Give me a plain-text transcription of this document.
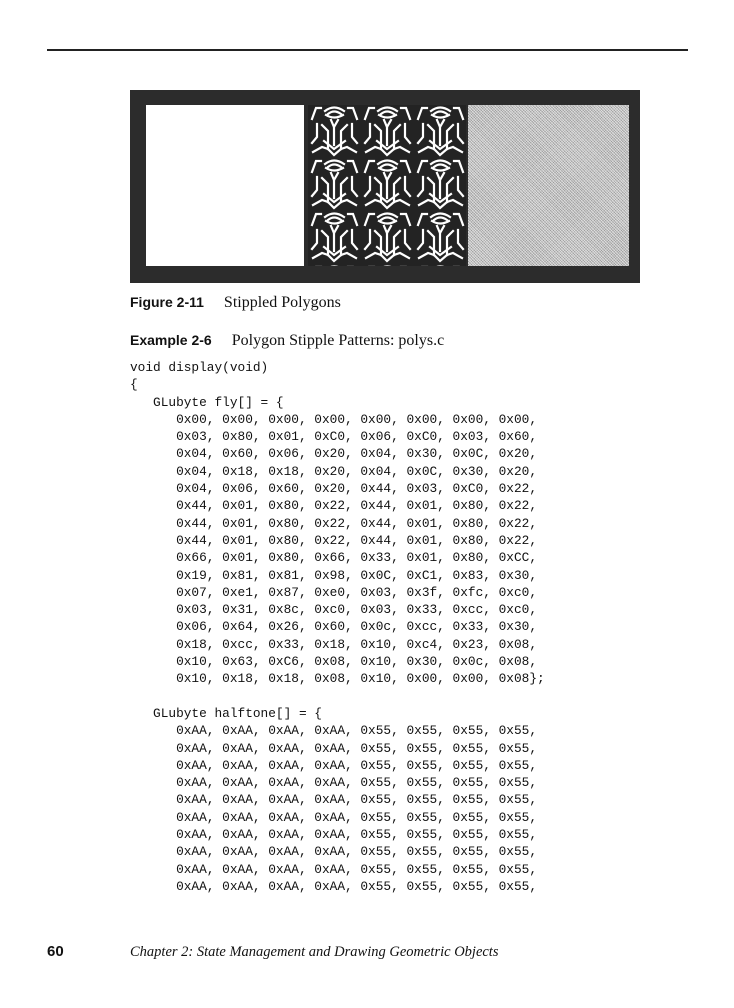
Figure 2-11 Stippled Polygons
Example 2-6 Polygon Stipple Patterns: polys.c
void display(void)
{
GLubyte fly[] = {
0x00, 0x00, 0x00, 0x00, 0x00, 0x00, 0x00, 0x00,
0x03, 0x80, 0x01, 0xC0, 0x06, 0xC0, 0x03, 0x60,
0x04, 0x60, 0x06, 0x20, 0x04, 0x30, 0x0C, 0x20,
0x04, 0x18, 0x18, 0x20, 0x04, 0x0C, 0x30, 0x20,
0x04, 0x06, 0x60, 0x20, 0x44, 0x03, 0xC0, 0x22,
0x44, 0x01, 0x80, 0x22, 0x44, 0x01, 0x80, 0x22,
0x44, 0x01, 0x80, 0x22, 0x44, 0x01, 0x80, 0x22,
0x44, 0x01, 0x80, 0x22, 0x44, 0x01, 0x80, 0x22,
0x66, 0x01, 0x80, 0x66, 0x33, 0x01, 0x80, 0xCC,
0x19, 0x81, 0x81, 0x98, 0x0C, 0xC1, 0x83, 0x30,
0x07, 0xe1, 0x87, 0xe0, 0x03, 0x3f, 0xfc, 0xc0,
0x03, 0x31, 0x8c, 0xc0, 0x03, 0x33, 0xcc, 0xc0,
0x06, 0x64, 0x26, 0x60, 0x0c, 0xcc, 0x33, 0x30,
0x18, 0xcc, 0x33, 0x18, 0x10, 0xc4, 0x23, 0x08,
0x10, 0x63, 0xC6, 0x08, 0x10, 0x30, 0x0c, 0x08,
0x10, 0x18, 0x18, 0x08, 0x10, 0x00, 0x00, 0x08};

GLubyte halftone[] = {
0xAA, 0xAA, 0xAA, 0xAA, 0x55, 0x55, 0x55, 0x55,
0xAA, 0xAA, 0xAA, 0xAA, 0x55, 0x55, 0x55, 0x55,
0xAA, 0xAA, 0xAA, 0xAA, 0x55, 0x55, 0x55, 0x55,
0xAA, 0xAA, 0xAA, 0xAA, 0x55, 0x55, 0x55, 0x55,
0xAA, 0xAA, 0xAA, 0xAA, 0x55, 0x55, 0x55, 0x55,
0xAA, 0xAA, 0xAA, 0xAA, 0x55, 0x55, 0x55, 0x55,
0xAA, 0xAA, 0xAA, 0xAA, 0x55, 0x55, 0x55, 0x55,
0xAA, 0xAA, 0xAA, 0xAA, 0x55, 0x55, 0x55, 0x55,
0xAA, 0xAA, 0xAA, 0xAA, 0x55, 0x55, 0x55, 0x55,
0xAA, 0xAA, 0xAA, 0xAA, 0x55, 0x55, 0x55, 0x55,
60	Chapter 2: State Management and Drawing Geometric Objects
